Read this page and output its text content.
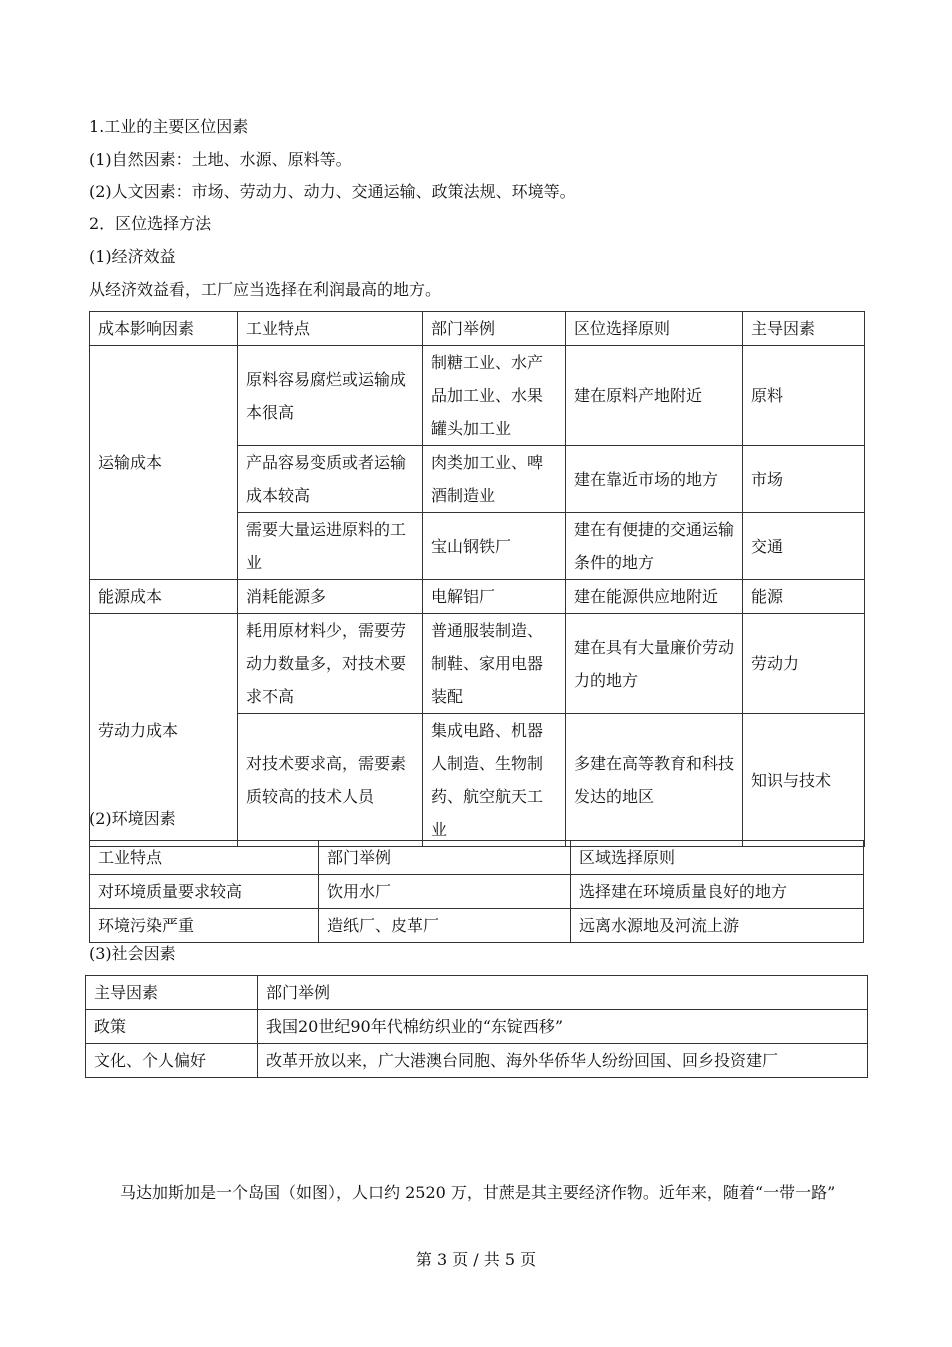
1.工业的主要区位因素
(1)自然因素：土地、水源、原料等。
(2)人文因素：市场、劳动力、动力、交通运输、政策法规、环境等。
2．区位选择方法
(1)经济效益
从经济效益看，工厂应当选择在利润最高的地方。
成本影响因素	工业特点	部门举例	区位选择原则	主导因素
运输成本	原料容易腐烂或运输成本很高	制糖工业、水产品加工业、水果罐头加工业	建在原料产地附近	原料
	产品容易变质或者运输成本较高	肉类加工业、啤酒制造业	建在靠近市场的地方	市场
	需要大量运进原料的工业	宝山钢铁厂	建在有便捷的交通运输条件的地方	交通
能源成本	消耗能源多	电解铝厂	建在能源供应地附近	能源
劳动力成本	耗用原材料少，需要劳动力数量多，对技术要求不高	普通服装制造、制鞋、家用电器装配	建在具有大量廉价劳动力的地方	劳动力
	对技术要求高，需要素质较高的技术人员	集成电路、机器人制造、生物制药、航空航天工业	多建在高等教育和科技发达的地区	知识与技术
(2)环境因素
工业特点	部门举例	区域选择原则
对环境质量要求较高	饮用水厂	选择建在环境质量良好的地方
环境污染严重	造纸厂、皮革厂	远离水源地及河流上游
(3)社会因素
主导因素	部门举例
政策	我国20世纪90年代棉纺织业的“东锭西移”
文化、个人偏好	改革开放以来，广大港澳台同胞、海外华侨华人纷纷回国、回乡投资建厂
马达加斯加是一个岛国（如图），人口约 2520 万，甘蔗是其主要经济作物。近年来，随着“一带一路”
第 3 页 / 共 5 页
